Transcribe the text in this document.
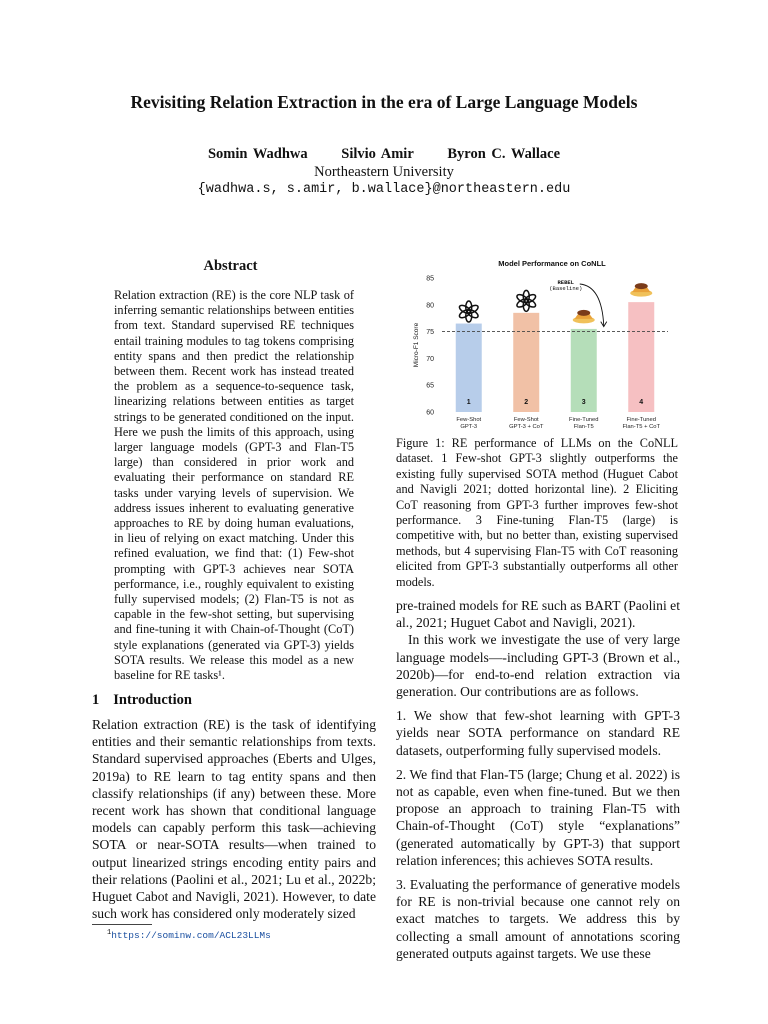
Revisiting Relation Extraction in the era of Large Language Models
Somin Wadhwa Silvio Amir Byron C. Wallace
Northeastern University
{wadhwa.s, s.amir, b.wallace}@northeastern.edu
Abstract
Relation extraction (RE) is the core NLP task of inferring semantic relationships between entities from text. Standard supervised RE techniques entail training modules to tag tokens comprising entity spans and then predict the relationship between them. Recent work has instead treated the problem as a sequence-to-sequence task, linearizing relations between entities as target strings to be generated conditioned on the input. Here we push the limits of this approach, using larger language models (GPT-3 and Flan-T5 large) than considered in prior work and evaluating their performance on standard RE tasks under varying levels of supervision. We address issues inherent to evaluating generative approaches to RE by doing human evaluations, in lieu of relying on exact matching. Under this refined evaluation, we find that: (1) Few-shot prompting with GPT-3 achieves near SOTA performance, i.e., roughly equivalent to existing fully supervised models; (2) Flan-T5 is not as capable in the few-shot setting, but supervising and fine-tuning it with Chain-of-Thought (CoT) style explanations (generated via GPT-3) yields SOTA results. We release this model as a new baseline for RE tasks¹.
1 Introduction
Relation extraction (RE) is the task of identifying entities and their semantic relationships from texts. Standard supervised approaches (Eberts and Ulges, 2019a) to RE learn to tag entity spans and then classify relationships (if any) between these. More recent work has shown that conditional language models can capably perform this task—achieving SOTA or near-SOTA results—when trained to output linearized strings encoding entity pairs and their relations (Paolini et al., 2021; Lu et al., 2022b; Huguet Cabot and Navigli, 2021). However, to date such work has considered only moderately sized
$^1$https://sominw.com/ACL23LLMs
Model Performance on CoNLL
Micro-F1 Score
60
65
70
75
80
85
1
Few-Shot
GPT-3
2
Few-Shot
GPT-3 + CoT
3
Fine-Tuned
Flan-T5
4
Fine-Tuned
Flan-T5 + CoT
REBEL
(Baseline)
Figure 1: RE performance of LLMs on the CoNLL dataset. 1 Few-shot GPT-3 slightly outperforms the existing fully supervised SOTA method (Huguet Cabot and Navigli 2021; dotted horizontal line). 2 Eliciting CoT reasoning from GPT-3 further improves few-shot performance. 3 Fine-tuning Flan-T5 (large) is competitive with, but no better than, existing supervised methods, but 4 supervising Flan-T5 with CoT reasoning elicited from GPT-3 substantially outperforms all other models.

pre-trained models for RE such as BART (Paolini et al., 2021; Huguet Cabot and Navigli, 2021).

In this work we investigate the use of very large language models—-including GPT-3 (Brown et al., 2020b)—for end-to-end relation extraction via generation. Our contributions are as follows.

1. We show that few-shot learning with GPT-3 yields near SOTA performance on standard RE datasets, outperforming fully supervised models.

2. We find that Flan-T5 (large; Chung et al. 2022) is not as capable, even when fine-tuned. But we then propose an approach to training Flan-T5 with Chain-of-Thought (CoT) style “explanations” (generated automatically by GPT-3) that support relation inferences; this achieves SOTA results.

3. Evaluating the performance of generative models for RE is non-trivial because one cannot rely on exact matches to targets. We address this by collecting a small amount of annotations scoring generated outputs against targets. We use these
